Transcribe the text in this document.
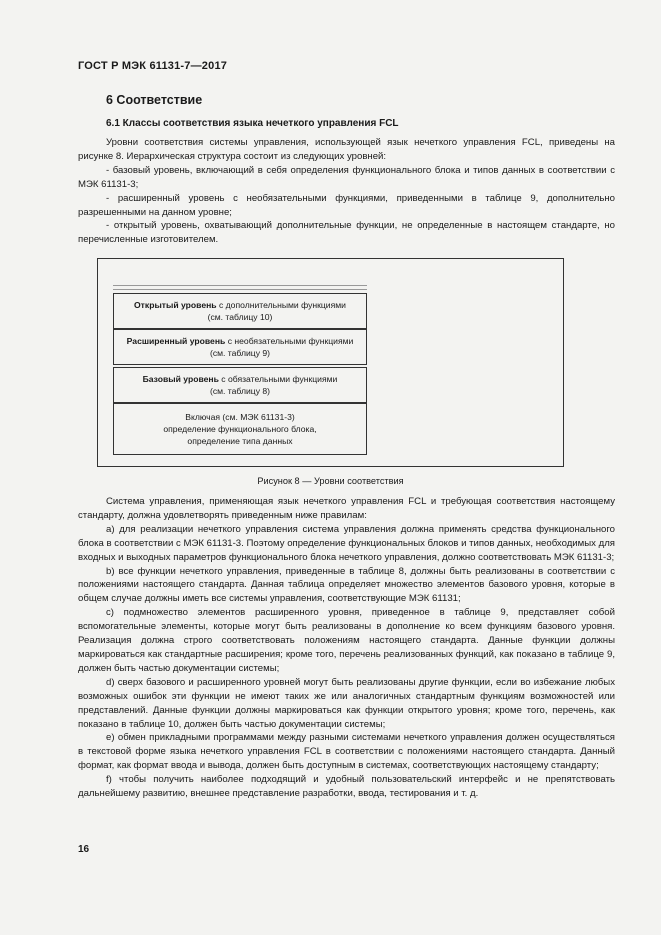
ГОСТ Р МЭК 61131-7—2017
6 Соответствие
6.1 Классы соответствия языка нечеткого управления FCL

Уровни соответствия системы управления, использующей язык нечеткого управления FCL, приведены на рисунке 8. Иерархическая структура состоит из следующих уровней:

- базовый уровень, включающий в себя определения функционального блока и типов данных в соответствии с МЭК 61131-3;

- расширенный уровень с необязательными функциями, приведенными в таблице 9, дополнительно разрешенными на данном уровне;

- открытый уровень, охватывающий дополнительные функции, не определенные в настоящем стандарте, но перечисленные изготовителем.

Открытый уровень с дополнительными функциями
(см. таблицу 10)
Расширенный уровень с необязательными функциями
(см. таблицу 9)
Базовый уровень с обязательными функциями
(см. таблицу 8)
Включая (см. МЭК 61131-3)
определение функционального блока,
определение типа данных
Рисунок 8 — Уровни соответствия

Система управления, применяющая язык нечеткого управления FCL и требующая соответствия настоящему стандарту, должна удовлетворять приведенным ниже правилам:

a) для реализации нечеткого управления система управления должна применять средства функционального блока в соответствии с МЭК 61131-3. Поэтому определение функциональных блоков и типов данных, необходимых для входных и выходных параметров функционального блока нечеткого управления, должно соответствовать МЭК 61131-3;

b) все функции нечеткого управления, приведенные в таблице 8, должны быть реализованы в соответствии с положениями настоящего стандарта. Данная таблица определяет множество элементов базового уровня, которые в общем случае должны иметь все системы управления, соответствующие МЭК 61131;

c) подмножество элементов расширенного уровня, приведенное в таблице 9, представляет собой вспомогательные элементы, которые могут быть реализованы в дополнение ко всем функциям базового уровня. Реализация должна строго соответствовать положениям настоящего стандарта. Данные функции должны маркироваться как стандартные расширения; кроме того, перечень реализованных функций, как показано в таблице 9, должен быть частью документации системы;

d) сверх базового и расширенного уровней могут быть реализованы другие функции, если во избежание любых возможных ошибок эти функции не имеют таких же или аналогичных стандартным функциям возможностей или представлений. Данные функции должны маркироваться как функции открытого уровня; кроме того, перечень, как показано в таблице 10, должен быть частью документации системы;

e) обмен прикладными программами между разными системами нечеткого управления должен осуществляться в текстовой форме языка нечеткого управления FCL в соответствии с положениями настоящего стандарта. Данный формат, как формат ввода и вывода, должен быть доступным в системах, соответствующих настоящему стандарту;

f) чтобы получить наиболее подходящий и удобный пользовательский интерфейс и не препятствовать дальнейшему развитию, внешнее представление разработки, ввода, тестирования и т. д.

16
